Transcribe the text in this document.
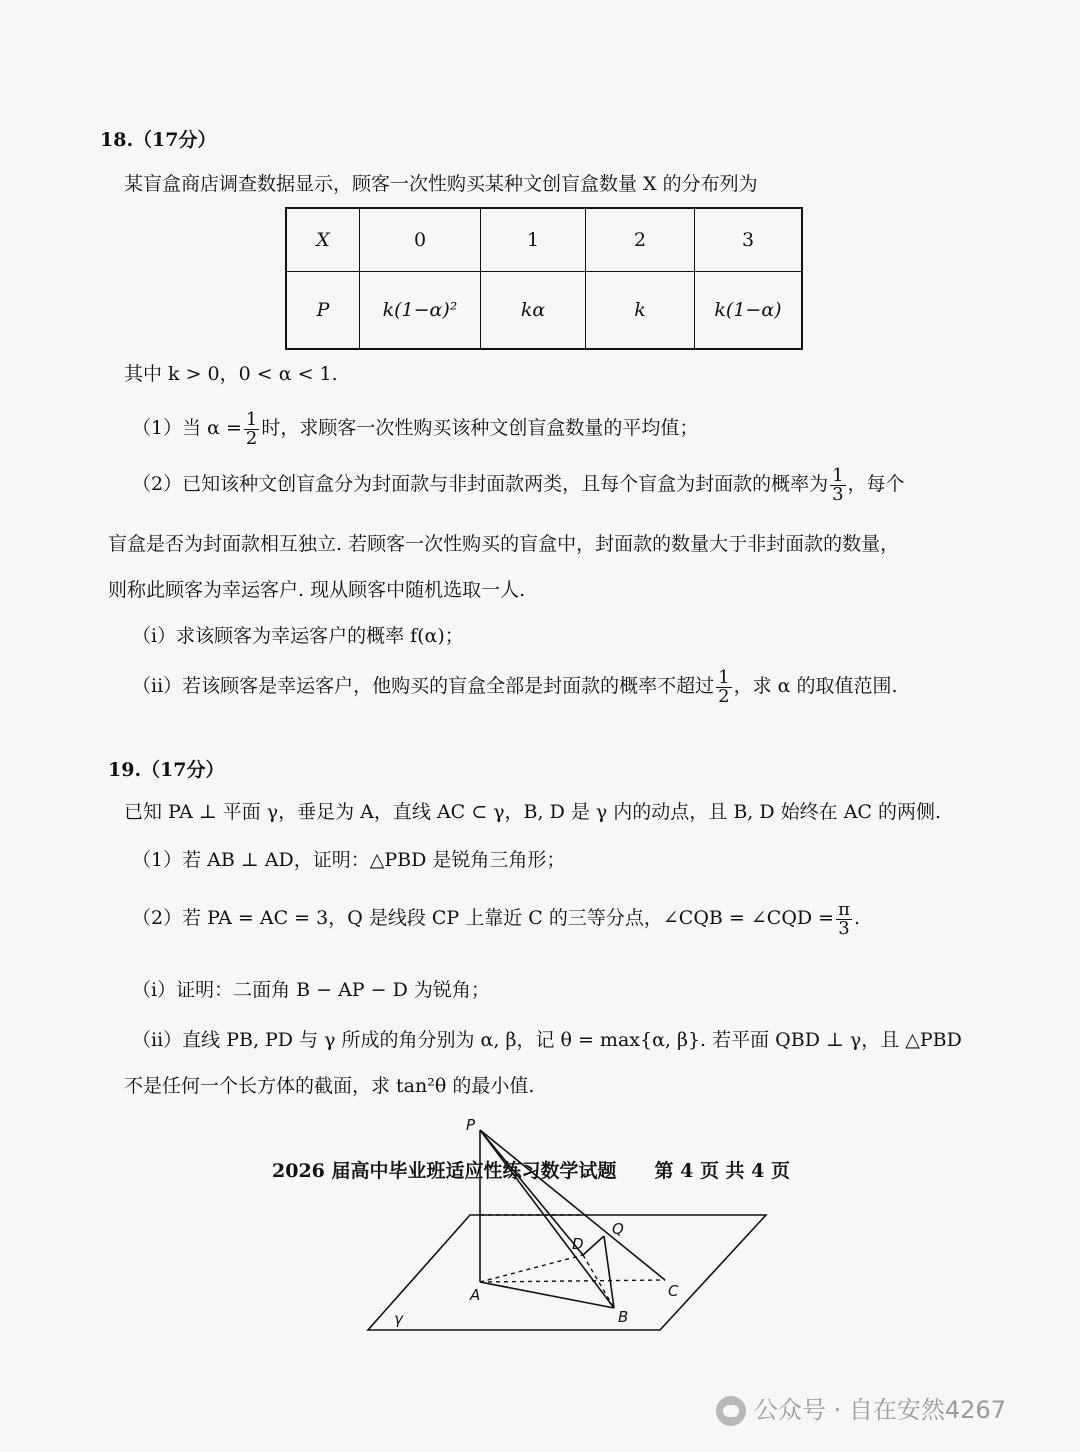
18.（17分）
某盲盒商店调查数据显示，顾客一次性购买某种文创盲盒数量 X 的分布列为
X	0	1	2	3
P	k(1−α)²	kα	k	k(1−α)
其中 k > 0，0 < α < 1.
（1）当 $\alpha = \frac{1}{2}$ 时，求顾客一次性购买该种文创盲盒数量的平均值；
（2）已知该种文创盲盒分为封面款与非封面款两类，且每个盲盒为封面款的概率为 $\frac{1}{3}$ ，每个
盲盒是否为封面款相互独立. 若顾客一次性购买的盲盒中，封面款的数量大于非封面款的数量，
则称此顾客为幸运客户. 现从顾客中随机选取一人.
（i）求该顾客为幸运客户的概率 f(α)；
（ii）若该顾客是幸运客户，他购买的盲盒全部是封面款的概率不超过 $\frac{1}{2}$ ，求 α 的取值范围.
19.（17分）
已知 PA ⊥ 平面 γ，垂足为 A，直线 AC ⊂ γ，B, D 是 γ 内的动点，且 B, D 始终在 AC 的两侧.
（1）若 AB ⊥ AD，证明：△PBD 是锐角三角形；
（2）若 PA = AC = 3，Q 是线段 CP 上靠近 C 的三等分点，∠CQB = ∠CQD = $\frac{\pi}{3}$ .
（i）证明：二面角 B − AP − D 为锐角；
（ii）直线 PB, PD 与 γ 所成的角分别为 α, β，记 θ = max{α, β}. 若平面 QBD ⊥ γ，且 △PBD
不是任何一个长方体的截面，求 tan²θ 的最小值.
P
Q
D
A
B
C
γ
2026 届高中毕业班适应性练习数学试题　　第 4 页 共 4 页
公众号 · 自在安然4267
